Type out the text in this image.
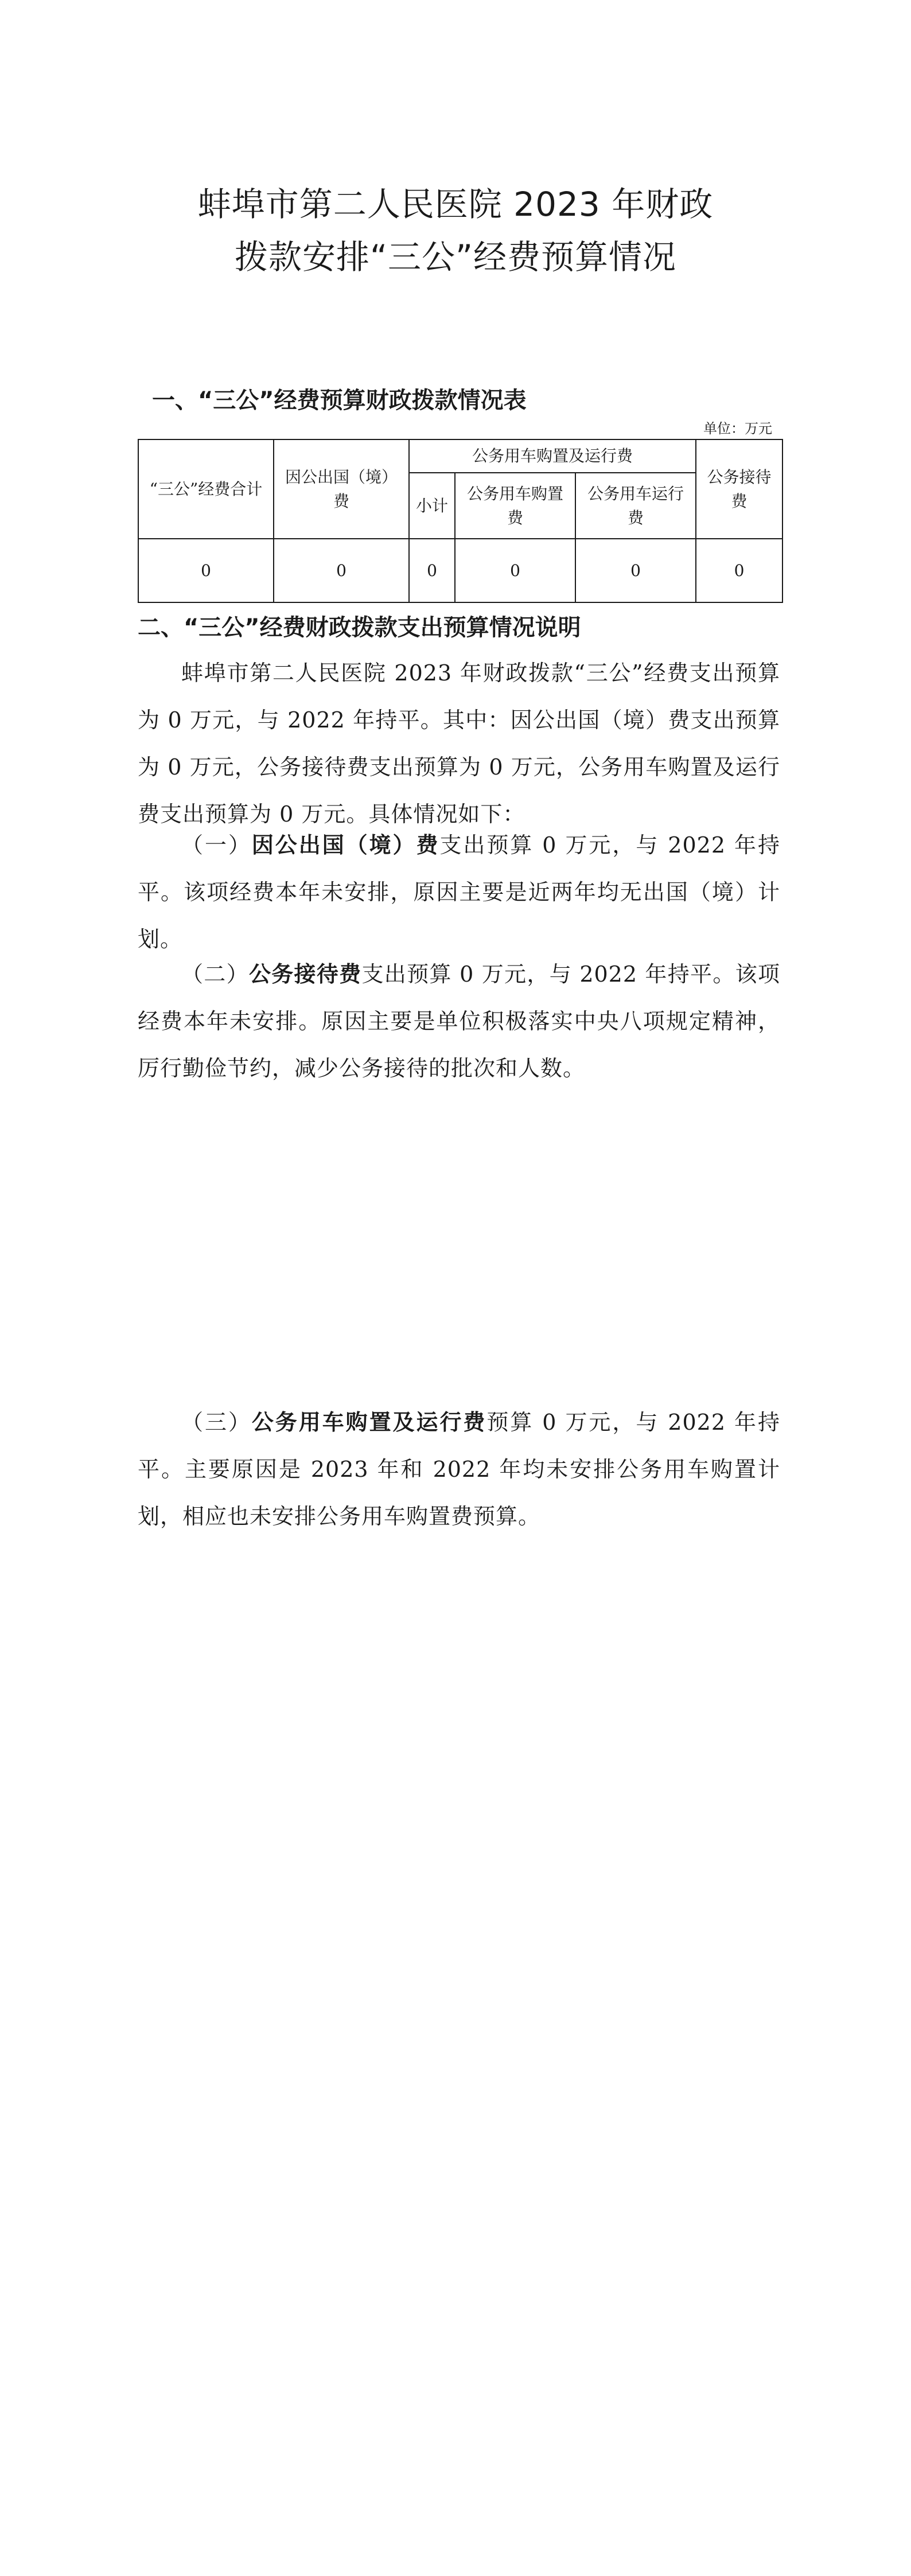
蚌埠市第二人民医院 2023 年财政
拨款安排“三公”经费预算情况
一、“三公”经费预算财政拨款情况表
单位：万元
“三公”经费合计	因公出国（境）费	公务用车购置及运行费			公务接待费
		小计	公务用车购置费	公务用车运行费	
0	0	0	0	0	0
二、“三公”经费财政拨款支出预算情况说明
蚌埠市第二人民医院 2023 年财政拨款“三公”经费支出预算为 0 万元，与 2022 年持平。其中：因公出国（境）费支出预算为 0 万元，公务接待费支出预算为 0 万元，公务用车购置及运行费支出预算为 0 万元。具体情况如下：
（一）因公出国（境）费支出预算 0 万元，与 2022 年持平。该项经费本年未安排，原因主要是近两年均无出国（境）计划。
（二）公务接待费支出预算 0 万元，与 2022 年持平。该项经费本年未安排。原因主要是单位积极落实中央八项规定精神，厉行勤俭节约，减少公务接待的批次和人数。
（三）公务用车购置及运行费预算 0 万元，与 2022 年持平。主要原因是 2023 年和 2022 年均未安排公务用车购置计划，相应也未安排公务用车购置费预算。
